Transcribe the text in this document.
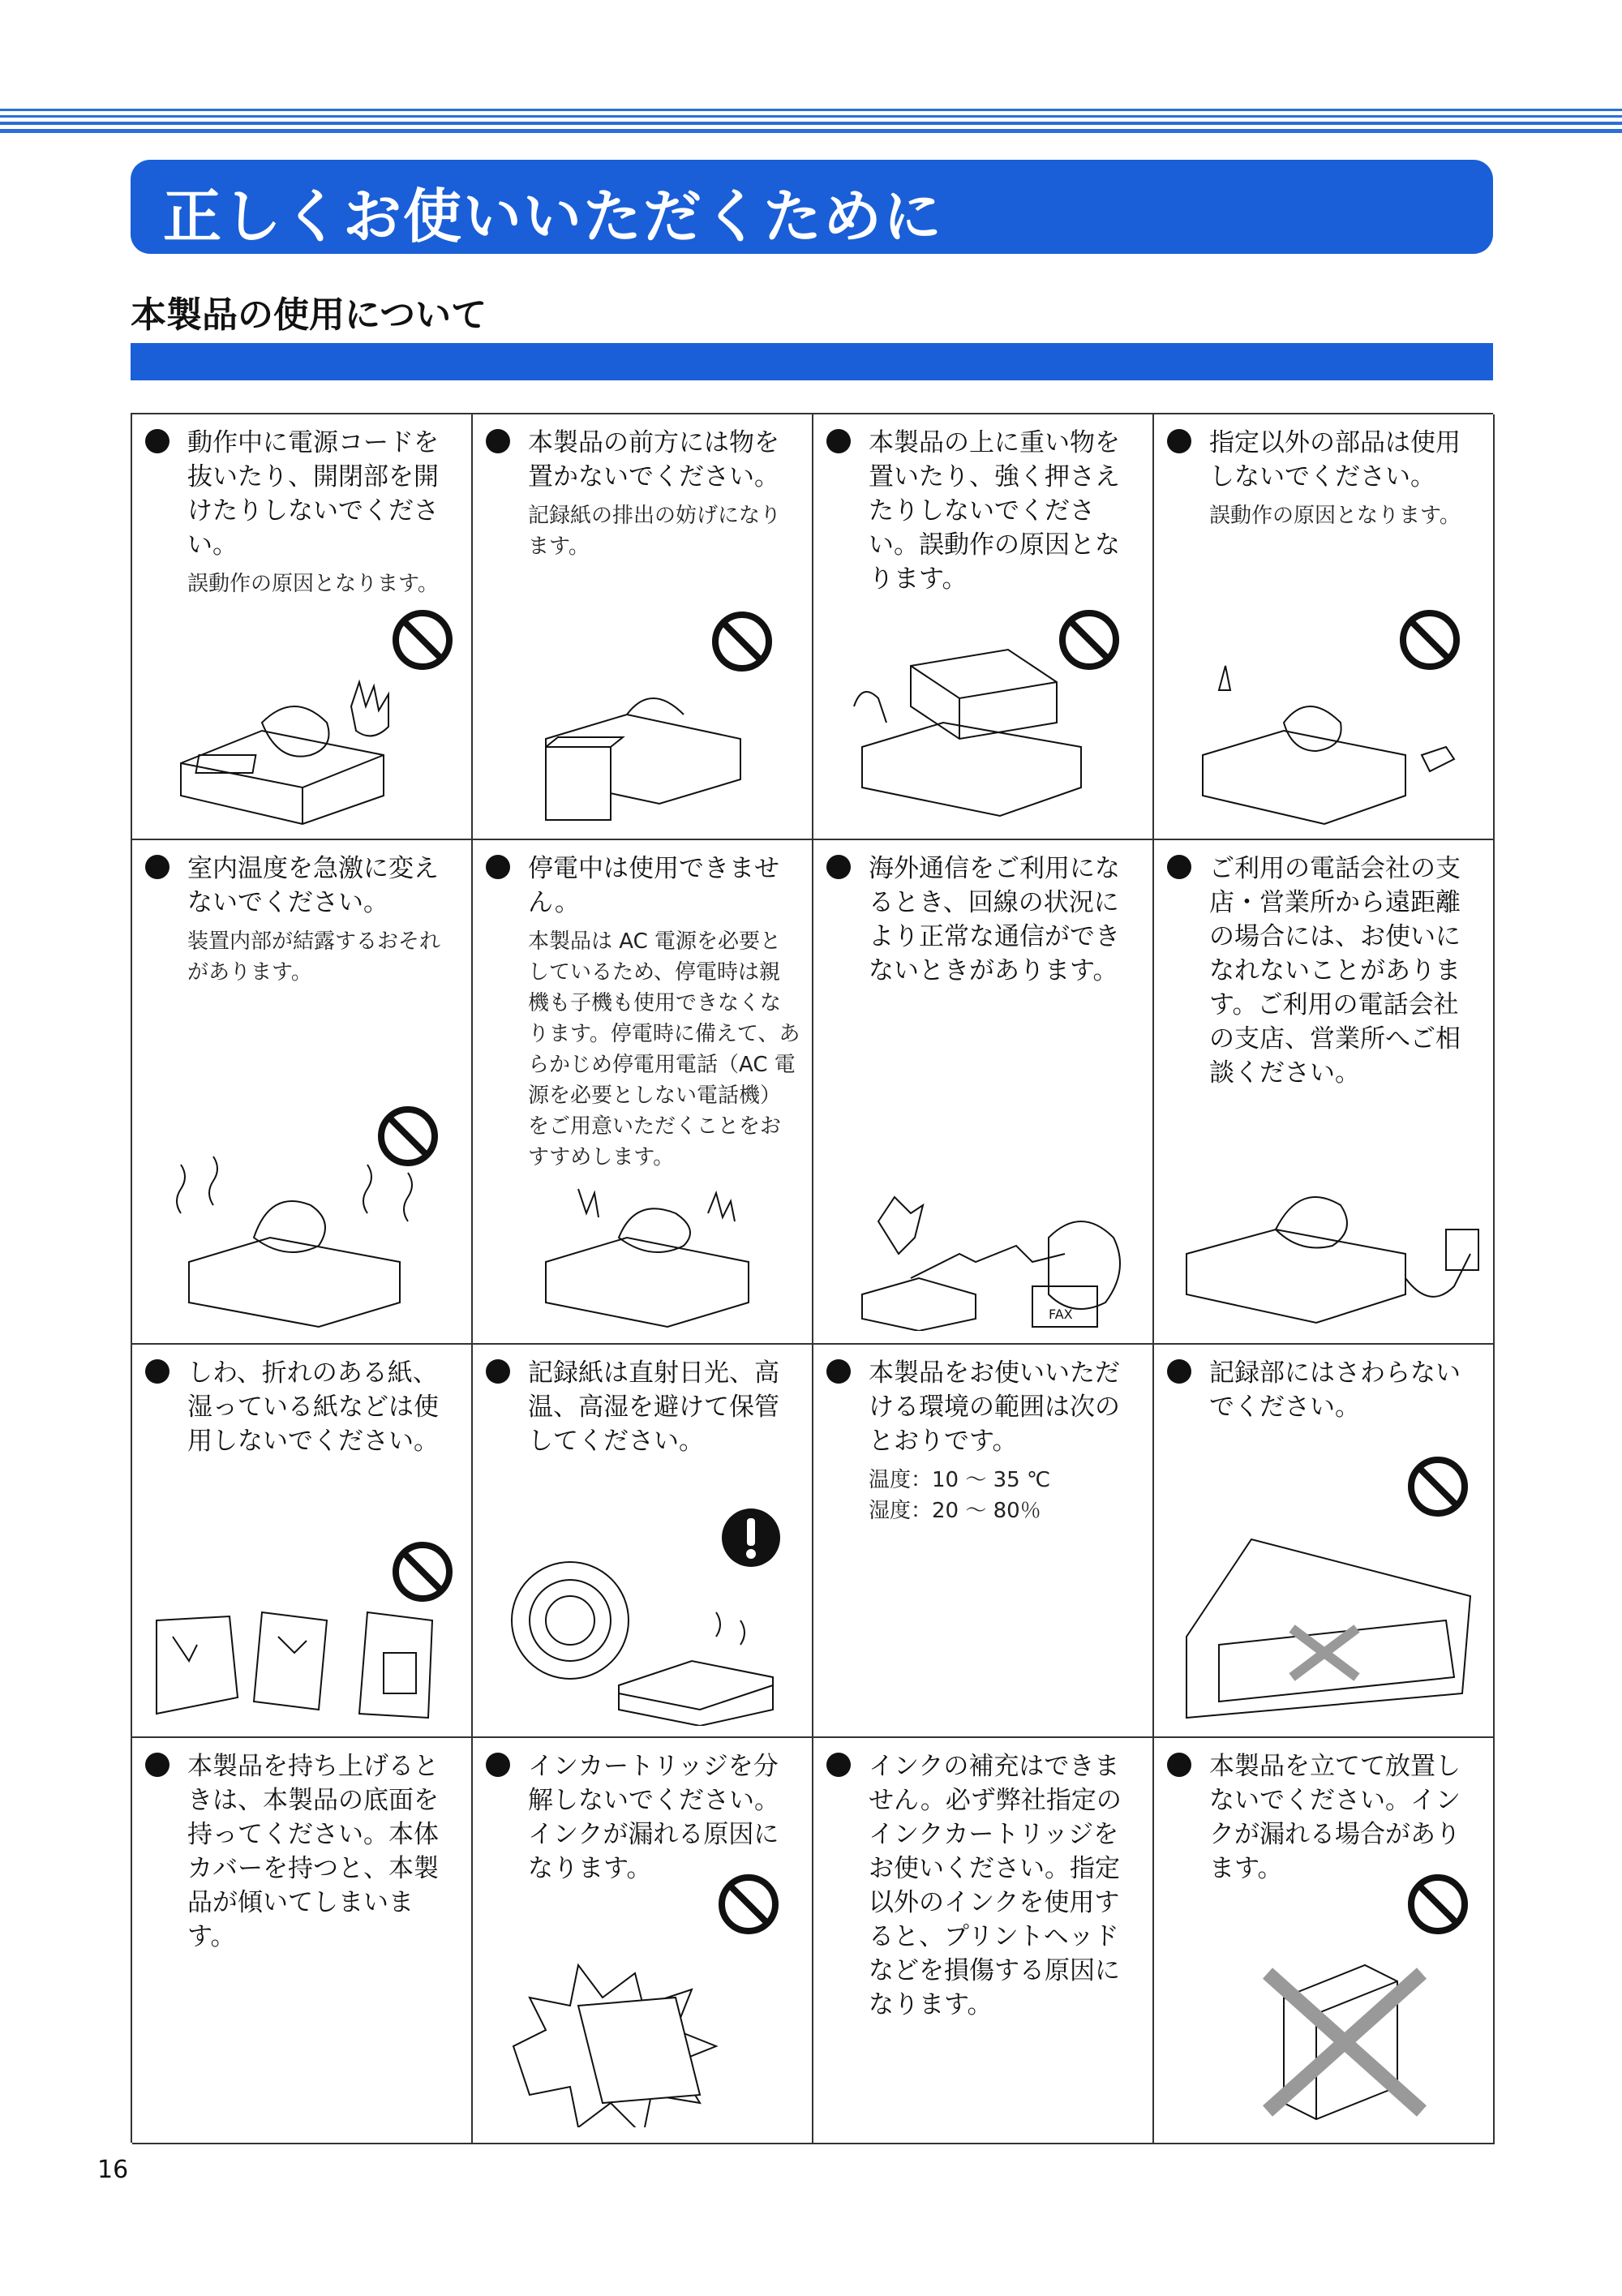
正しくお使いいただくために
本製品の使用について
動作中に電源コードを抜いたり、開閉部を開けたりしないでください。
誤動作の原因となります。
本製品の前方には物を置かないでください。
記録紙の排出の妨げになります。
本製品の上に重い物を置いたり、強く押さえたりしないでください。誤動作の原因となります。
指定以外の部品は使用しないでください。
誤動作の原因となります。
室内温度を急激に変えないでください。
装置内部が結露するおそれがあります。
停電中は使用できません。
本製品は AC 電源を必要としているため、停電時は親機も子機も使用できなくなります。停電時に備えて、あらかじめ停電用電話（AC 電源を必要としない電話機）をご用意いただくことをおすすめします。
海外通信をご利用になるとき、回線の状況により正常な通信ができないときがあります。
FAX
ご利用の電話会社の支店・営業所から遠距離の場合には、お使いになれないことがあります。ご利用の電話会社の支店、営業所へご相談ください。
しわ、折れのある紙、湿っている紙などは使用しないでください。
記録紙は直射日光、高温、高湿を避けて保管してください。
本製品をお使いいただける環境の範囲は次のとおりです。
温度：10 ～ 35 ℃
湿度：20 ～ 80％
記録部にはさわらないでください。
本製品を持ち上げるときは、本製品の底面を持ってください。本体カバーを持つと、本製品が傾いてしまいます。
インカートリッジを分解しないでください。インクが漏れる原因になります。
インクの補充はできません。必ず弊社指定のインクカートリッジをお使いください。指定以外のインクを使用すると、プリントヘッドなどを損傷する原因になります。
本製品を立てて放置しないでください。インクが漏れる場合があります。
16
